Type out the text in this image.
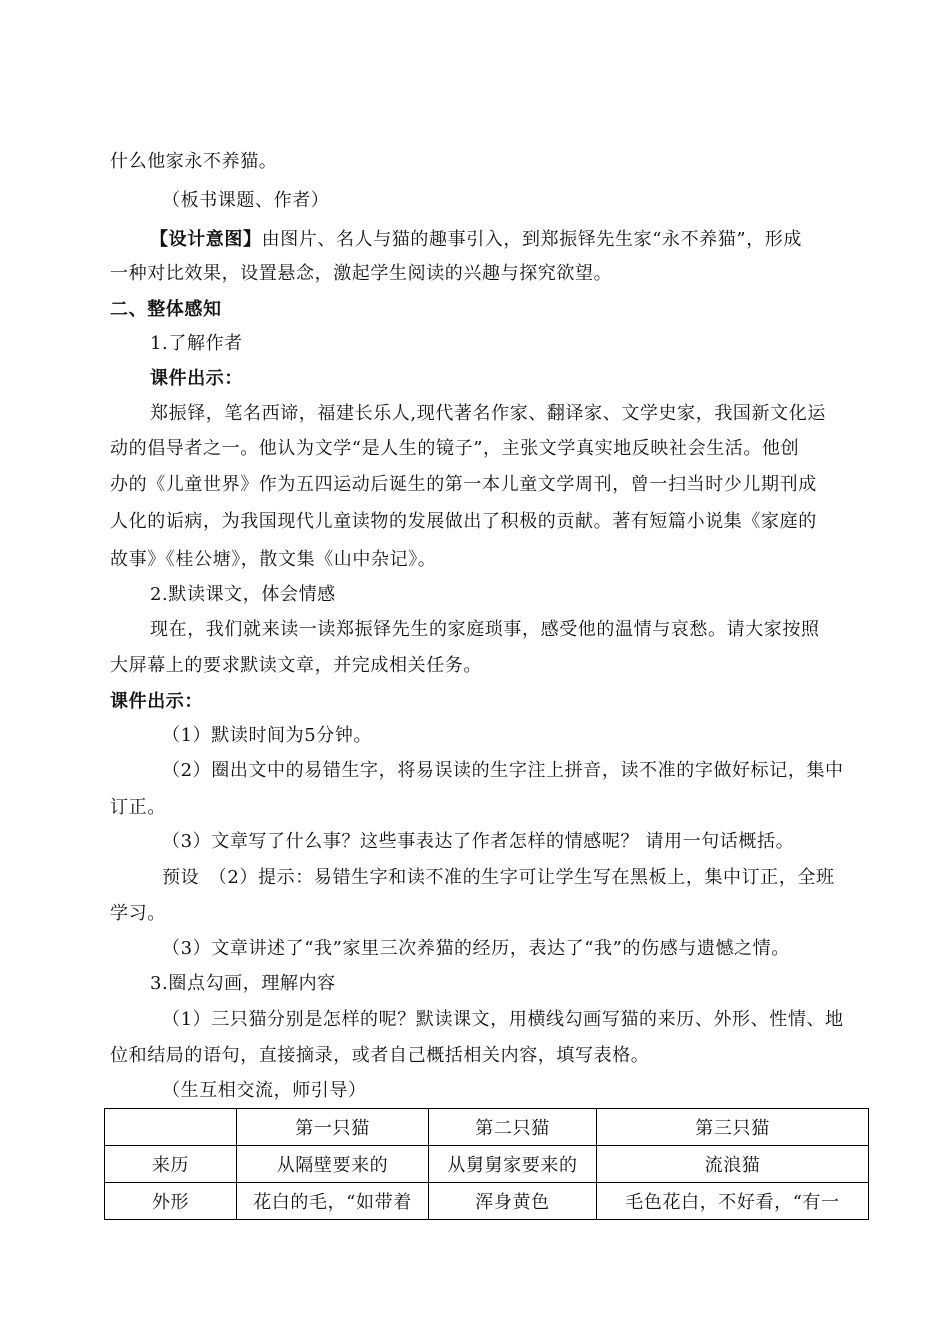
什么他家永不养猫。
（板书课题、作者）
【设计意图】由图片、名人与猫的趣事引入，到郑振铎先生家“永不养猫”，形成
一种对比效果，设置悬念，激起学生阅读的兴趣与探究欲望。
二、整体感知
1.了解作者
课件出示：
郑振铎，笔名西谛，福建长乐人,现代著名作家、翻译家、文学史家，我国新文化运
动的倡导者之一。他认为文学“是人生的镜子”，主张文学真实地反映社会生活。他创
办的《儿童世界》作为五四运动后诞生的第一本儿童文学周刊，曾一扫当时少儿期刊成
人化的诟病，为我国现代儿童读物的发展做出了积极的贡献。著有短篇小说集《家庭的
故事》《桂公塘》，散文集《山中杂记》。
2.默读课文，体会情感
现在，我们就来读一读郑振铎先生的家庭琐事，感受他的温情与哀愁。请大家按照
大屏幕上的要求默读文章，并完成相关任务。
课件出示：
（1）默读时间为5分钟。
（2）圈出文中的易错生字，将易误读的生字注上拼音，读不准的字做好标记，集中
订正。
（3）文章写了什么事？这些事表达了作者怎样的情感呢？ 请用一句话概括。
预设　（2）提示：易错生字和读不准的生字可让学生写在黑板上，集中订正，全班
学习。
（3）文章讲述了“我”家里三次养猫的经历，表达了“我”的伤感与遗憾之情。
3.圈点勾画，理解内容
（1）三只猫分别是怎样的呢？默读课文，用横线勾画写猫的来历、外形、性情、地
位和结局的语句，直接摘录，或者自己概括相关内容，填写表格。
（生互相交流，师引导）
	第一只猫	第二只猫	第三只猫
来历	从隔壁要来的	从舅舅家要来的	流浪猫
外形	花白的毛，“如带着	浑身黄色	毛色花白，不好看，“有一
